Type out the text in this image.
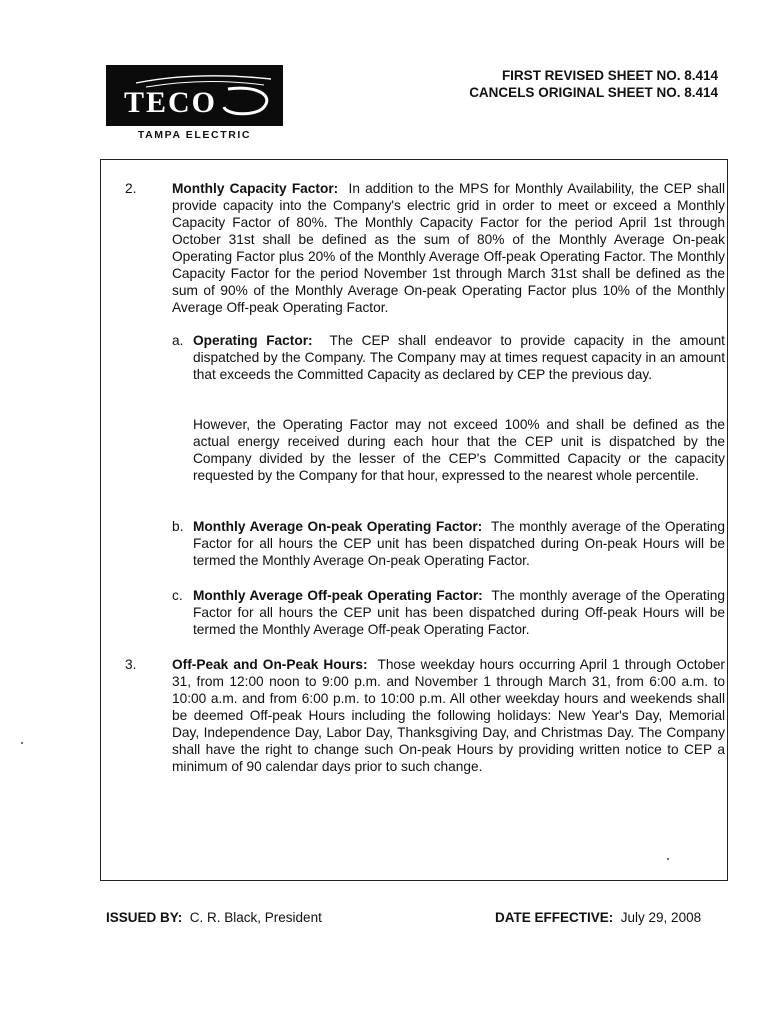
TECO
TAMPA ELECTRIC
FIRST REVISED SHEET NO. 8.414
CANCELS ORIGINAL SHEET NO. 8.414
2.	Monthly Capacity Factor: In addition to the MPS for Monthly Availability, the CEP shall provide capacity into the Company's electric grid in order to meet or exceed a Monthly Capacity Factor of 80%. The Monthly Capacity Factor for the period April 1st through October 31st shall be defined as the sum of 80% of the Monthly Average On-peak Operating Factor plus 20% of the Monthly Average Off-peak Operating Factor. The Monthly Capacity Factor for the period November 1st through March 31st shall be defined as the sum of 90% of the Monthly Average On-peak Operating Factor plus 10% of the Monthly Average Off-peak Operating Factor.
a. Operating Factor: The CEP shall endeavor to provide capacity in the amount dispatched by the Company. The Company may at times request capacity in an amount that exceeds the Committed Capacity as declared by CEP the previous day.
However, the Operating Factor may not exceed 100% and shall be defined as the actual energy received during each hour that the CEP unit is dispatched by the Company divided by the lesser of the CEP's Committed Capacity or the capacity requested by the Company for that hour, expressed to the nearest whole percentile.
b. Monthly Average On-peak Operating Factor: The monthly average of the Operating Factor for all hours the CEP unit has been dispatched during On-peak Hours will be termed the Monthly Average On-peak Operating Factor.
c. Monthly Average Off-peak Operating Factor: The monthly average of the Operating Factor for all hours the CEP unit has been dispatched during Off-peak Hours will be termed the Monthly Average Off-peak Operating Factor.
3.	Off-Peak and On-Peak Hours: Those weekday hours occurring April 1 through October 31, from 12:00 noon to 9:00 p.m. and November 1 through March 31, from 6:00 a.m. to 10:00 a.m. and from 6:00 p.m. to 10:00 p.m. All other weekday hours and weekends shall be deemed Off-peak Hours including the following holidays: New Year's Day, Memorial Day, Independence Day, Labor Day, Thanksgiving Day, and Christmas Day. The Company shall have the right to change such On-peak Hours by providing written notice to CEP a minimum of 90 calendar days prior to such change.
ISSUED BY: C. R. Black, President	DATE EFFECTIVE: July 29, 2008
